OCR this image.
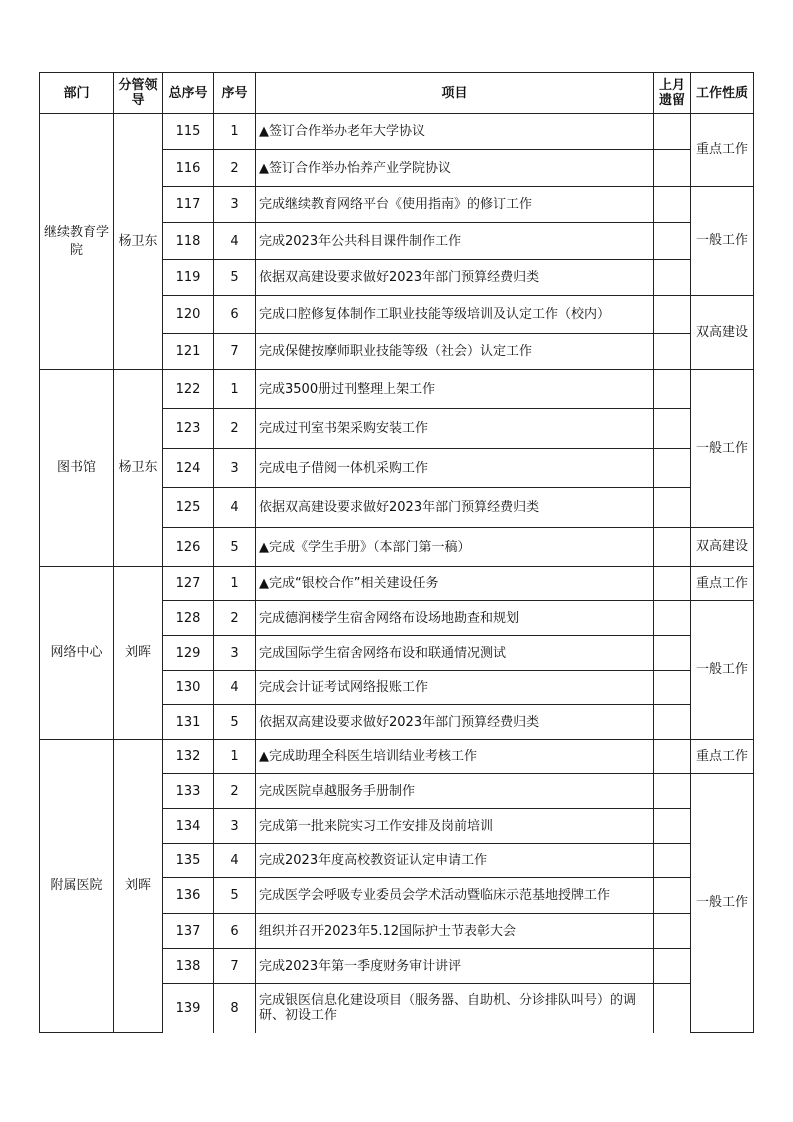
部门	分管领导	总序号	序号	项目	上月遗留	工作性质
继续教育学院	杨卫东	115	1	▲签订合作举办老年大学协议		重点工作
		116	2	▲签订合作举办怡养产业学院协议		
		117	3	完成继续教育网络平台《使用指南》的修订工作		一般工作
		118	4	完成2023年公共科目课件制作工作		
		119	5	依据双高建设要求做好2023年部门预算经费归类		
		120	6	完成口腔修复体制作工职业技能等级培训及认定工作（校内）		双高建设
		121	7	完成保健按摩师职业技能等级（社会）认定工作		
图书馆	杨卫东	122	1	完成3500册过刊整理上架工作		一般工作
		123	2	完成过刊室书架采购安装工作		
		124	3	完成电子借阅一体机采购工作		
		125	4	依据双高建设要求做好2023年部门预算经费归类		
		126	5	▲完成《学生手册》（本部门第一稿）		双高建设
网络中心	刘晖	127	1	▲完成“银校合作”相关建设任务		重点工作
		128	2	完成德润楼学生宿舍网络布设场地勘查和规划		一般工作
		129	3	完成国际学生宿舍网络布设和联通情况测试		
		130	4	完成会计证考试网络报账工作		
		131	5	依据双高建设要求做好2023年部门预算经费归类		
附属医院	刘晖	132	1	▲完成助理全科医生培训结业考核工作		重点工作
		133	2	完成医院卓越服务手册制作		一般工作
		134	3	完成第一批来院实习工作安排及岗前培训		
		135	4	完成2023年度高校教资证认定申请工作		
		136	5	完成医学会呼吸专业委员会学术活动暨临床示范基地授牌工作		
		137	6	组织并召开2023年5.12国际护士节表彰大会		
		138	7	完成2023年第一季度财务审计讲评		
		139	8	完成银医信息化建设项目（服务器、自助机、分诊排队叫号）的调研、初设工作		
